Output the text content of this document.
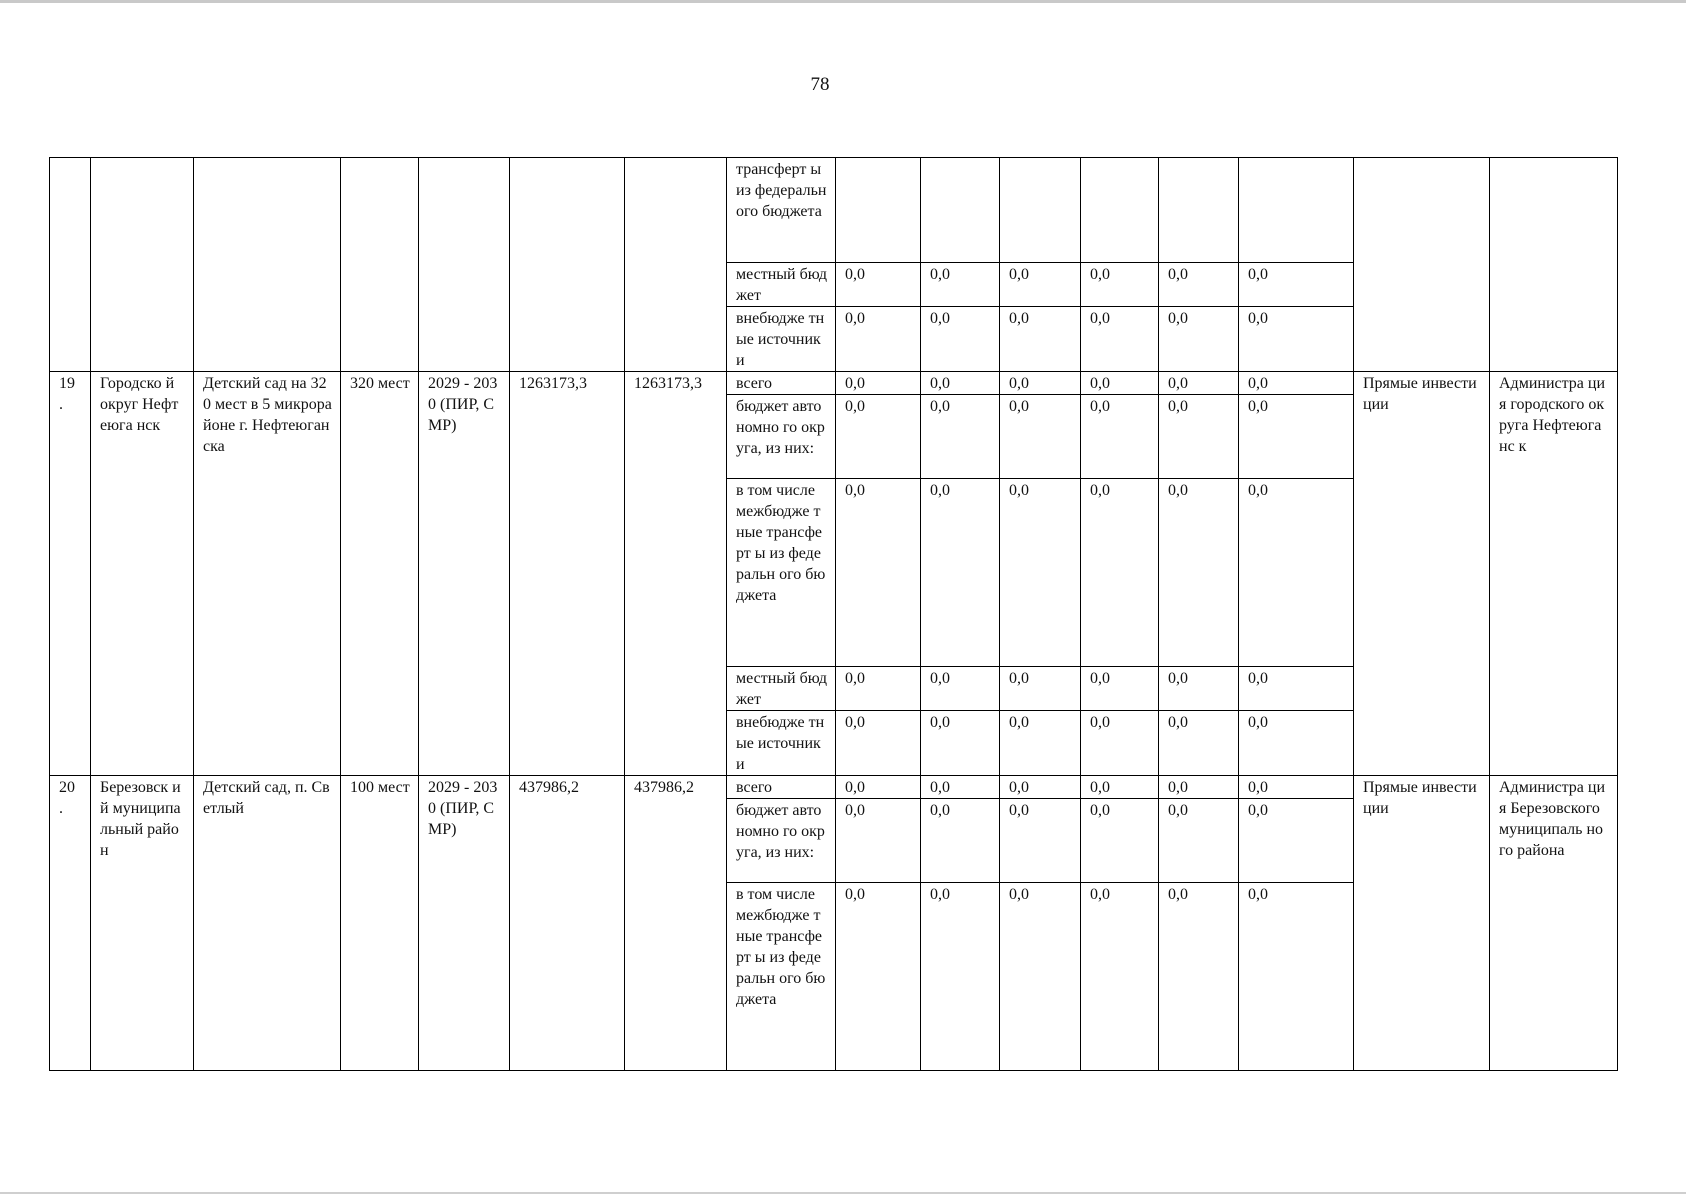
78
							трансферт ы из федеральн ого бюджета								
							местный бюджет	0,0	0,0	0,0	0,0	0,0	0,0		
							внебюдже тные источники	0,0	0,0	0,0	0,0	0,0	0,0		
19 .	Городско й округ Нефтеюга нск	Детский сад на 320 мест в 5 микрорайоне г. Нефтеюганска	320 мест	2029 - 2030 (ПИР, СМР)	1263173,3	1263173,3	всего	0,0	0,0	0,0	0,0	0,0	0,0	Прямые инвестиции	Администра ция городского округа Нефтеюганс к
							бюджет автономно го округа, из них:	0,0	0,0	0,0	0,0	0,0	0,0		
							в том числе межбюдже тные трансферт ы из федеральн ого бюджета	0,0	0,0	0,0	0,0	0,0	0,0		
							местный бюджет	0,0	0,0	0,0	0,0	0,0	0,0		
							внебюдже тные источники	0,0	0,0	0,0	0,0	0,0	0,0		
20 .	Березовск ий муниципа льный район	Детский сад, п. Светлый	100 мест	2029 - 2030 (ПИР, СМР)	437986,2	437986,2	всего	0,0	0,0	0,0	0,0	0,0	0,0	Прямые инвестиции	Администра ция Березовского муниципаль ного района
							бюджет автономно го округа, из них:	0,0	0,0	0,0	0,0	0,0	0,0		
							в том числе межбюдже тные трансферт ы из федеральн ого бюджета	0,0	0,0	0,0	0,0	0,0	0,0		
